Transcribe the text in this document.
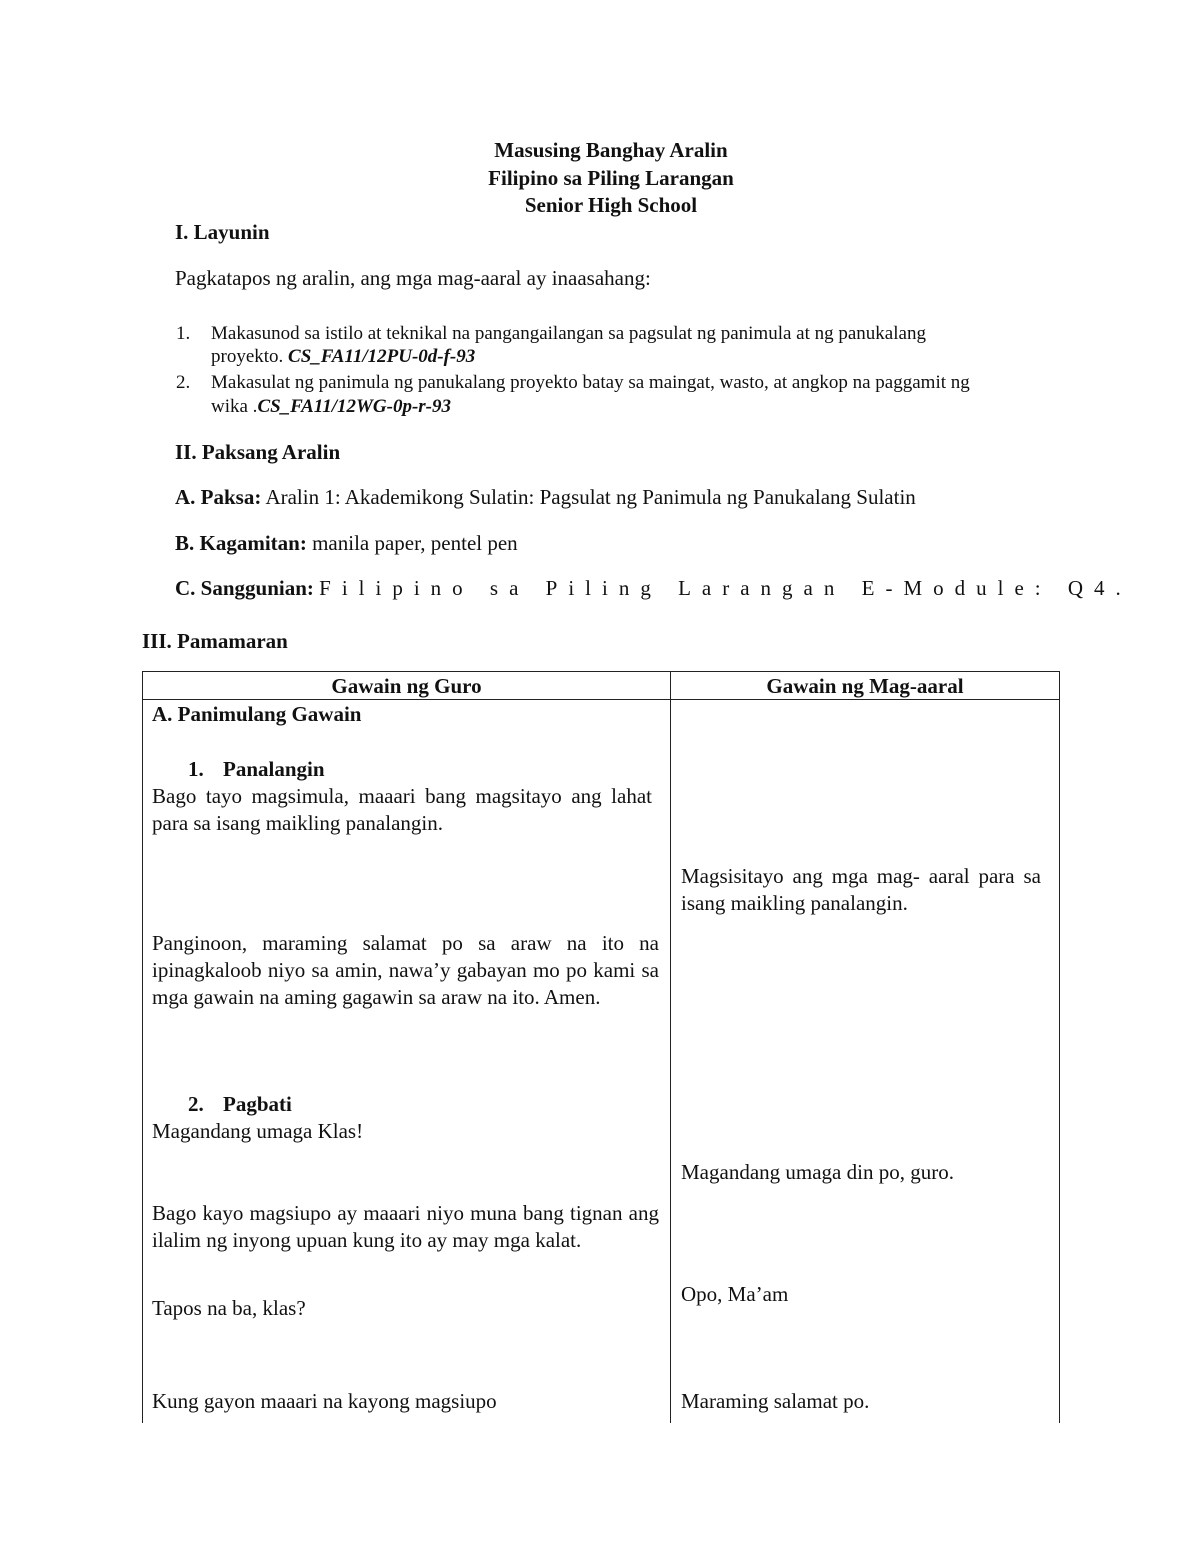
Masusing Banghay Aralin
Filipino sa Piling Larangan
Senior High School
I. Layunin
Pagkatapos ng aralin, ang mga mag-aaral ay inaasahang:
1. Makasunod sa istilo at teknikal na pangangailangan sa pagsulat ng panimula at ng panukalang
proyekto. CS_FA11/12PU-0d-f-93
2. Makasulat ng panimula ng panukalang proyekto batay sa maingat, wasto, at angkop na paggamit ng
wika .CS_FA11/12WG-0p-r-93
II. Paksang Aralin
A. Paksa: Aralin 1: Akademikong Sulatin: Pagsulat ng Panimula ng Panukalang Sulatin
B. Kagamitan: manila paper, pentel pen
C. Sanggunian: Filipino sa Piling Larangan E-Module: Q4.
III. Pamamaran
Gawain ng Guro	Gawain ng Mag-aaral
A. Panimulang Gawain
1. Panalangin
Bago tayo magsimula, maaari bang magsitayo ang lahat para sa isang maikling panalangin.
Magsisitayo ang mga mag- aaral para sa isang maikling panalangin.
Panginoon, maraming salamat po sa araw na ito na ipinagkaloob niyo sa amin, nawa’y gabayan mo po kami sa mga gawain na aming gagawin sa araw na ito. Amen.
2. Pagbati
Magandang umaga Klas!
Magandang umaga din po, guro.
Bago kayo magsiupo ay maaari niyo muna bang tignan ang ilalim ng inyong upuan kung ito ay may mga kalat.
Tapos na ba, klas?
Opo, Ma’am
Kung gayon maaari na kayong magsiupo	Maraming salamat po.
